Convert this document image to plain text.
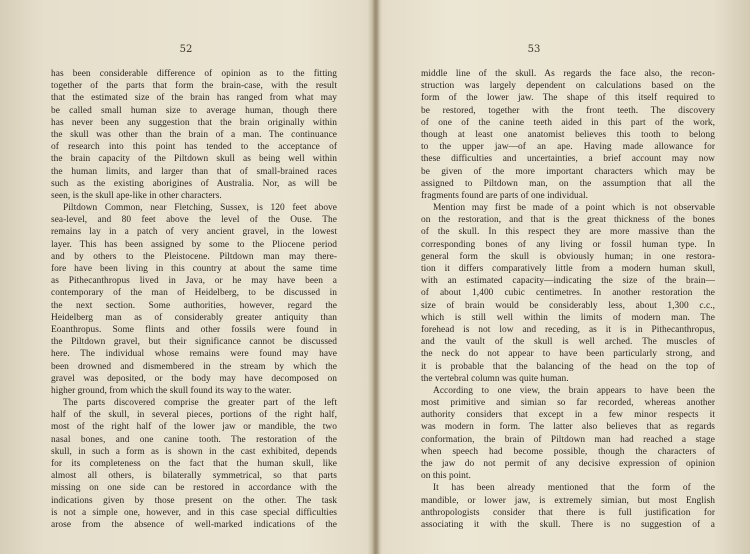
52
has been considerable difference of opinion as to the fitting
together of the parts that form the brain-case, with the result
that the estimated size of the brain has ranged from what may
be called small human size to average human, though there
has never been any suggestion that the brain originally within
the skull was other than the brain of a man. The continuance
of research into this point has tended to the acceptance of
the brain capacity of the Piltdown skull as being well within
the human limits, and larger than that of small-brained races
such as the existing aborigines of Australia. Nor, as will be
seen, is the skull ape-like in other characters.
Piltdown Common, near Fletching, Sussex, is 120 feet above
sea-level, and 80 feet above the level of the Ouse. The
remains lay in a patch of very ancient gravel, in the lowest
layer. This has been assigned by some to the Pliocene period
and by others to the Pleistocene. Piltdown man may there-
fore have been living in this country at about the same time
as Pithecanthropus lived in Java, or he may have been a
contemporary of the man of Heidelberg, to be discussed in
the next section. Some authorities, however, regard the
Heidelberg man as of considerably greater antiquity than
Eoanthropus. Some flints and other fossils were found in
the Piltdown gravel, but their significance cannot be discussed
here. The individual whose remains were found may have
been drowned and dismembered in the stream by which the
gravel was deposited, or the body may have decomposed on
higher ground, from which the skull found its way to the water.
The parts discovered comprise the greater part of the left
half of the skull, in several pieces, portions of the right half,
most of the right half of the lower jaw or mandible, the two
nasal bones, and one canine tooth. The restoration of the
skull, in such a form as is shown in the cast exhibited, depends
for its completeness on the fact that the human skull, like
almost all others, is bilaterally symmetrical, so that parts
missing on one side can be restored in accordance with the
indications given by those present on the other. The task
is not a simple one, however, and in this case special difficulties
arose from the absence of well-marked indications of the
53
middle line of the skull. As regards the face also, the recon-
struction was largely dependent on calculations based on the
form of the lower jaw. The shape of this itself required to
be restored, together with the front teeth. The discovery
of one of the canine teeth aided in this part of the work,
though at least one anatomist believes this tooth to belong
to the upper jaw—of an ape. Having made allowance for
these difficulties and uncertainties, a brief account may now
be given of the more important characters which may be
assigned to Piltdown man, on the assumption that all the
fragments found are parts of one individual.
Mention may first be made of a point which is not observable
on the restoration, and that is the great thickness of the bones
of the skull. In this respect they are more massive than the
corresponding bones of any living or fossil human type. In
general form the skull is obviously human; in one restora-
tion it differs comparatively little from a modern human skull,
with an estimated capacity—indicating the size of the brain—
of about 1,400 cubic centimetres. In another restoration the
size of brain would be considerably less, about 1,300 c.c.,
which is still well within the limits of modern man. The
forehead is not low and receding, as it is in Pithecanthropus,
and the vault of the skull is well arched. The muscles of
the neck do not appear to have been particularly strong, and
it is probable that the balancing of the head on the top of
the vertebral column was quite human.
According to one view, the brain appears to have been the
most primitive and simian so far recorded, whereas another
authority considers that except in a few minor respects it
was modern in form. The latter also believes that as regards
conformation, the brain of Piltdown man had reached a stage
when speech had become possible, though the characters of
the jaw do not permit of any decisive expression of opinion
on this point.
It has been already mentioned that the form of the
mandible, or lower jaw, is extremely simian, but most English
anthropologists consider that there is full justification for
associating it with the skull. There is no suggestion of a
